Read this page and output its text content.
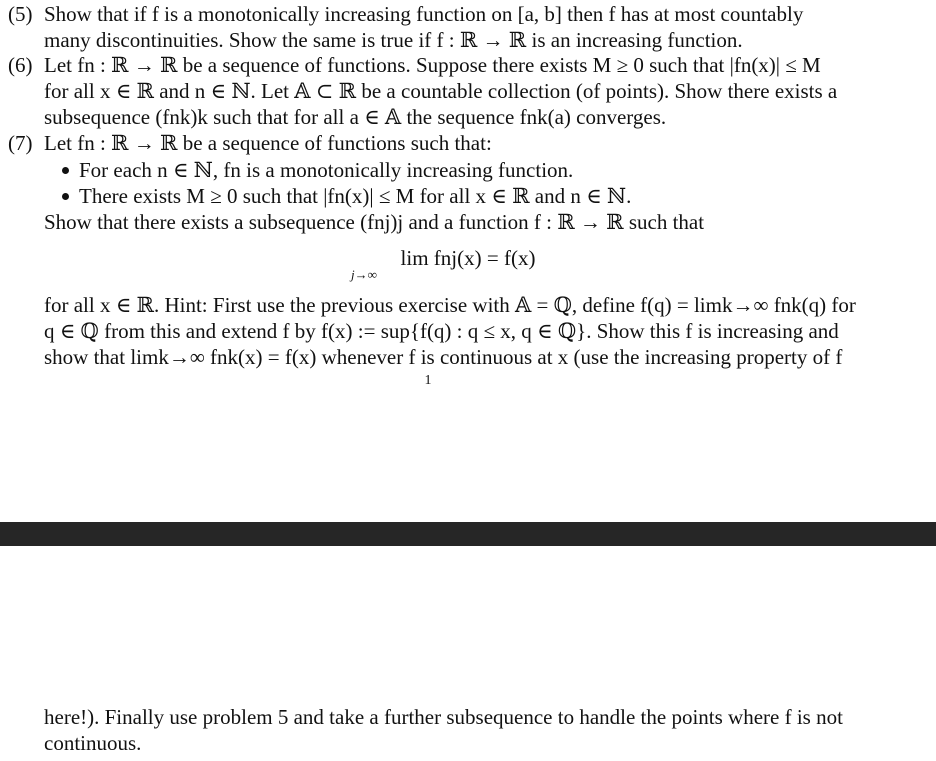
(5) Show that if f is a monotonically increasing function on [a, b] then f has at most countably
many discontinuities. Show the same is true if f : ℝ → ℝ is an increasing function.
(6) Let fn : ℝ → ℝ be a sequence of functions. Suppose there exists M ≥ 0 such that |fn(x)| ≤ M
for all x ∈ ℝ and n ∈ ℕ. Let 𝔸 ⊂ ℝ be a countable collection (of points). Show there exists a
subsequence (fnk)k such that for all a ∈ 𝔸 the sequence fnk(a) converges.
(7) Let fn : ℝ → ℝ be a sequence of functions such that:
For each n ∈ ℕ, fn is a monotonically increasing function.
There exists M ≥ 0 such that |fn(x)| ≤ M for all x ∈ ℝ and n ∈ ℕ.
Show that there exists a subsequence (fnj)j and a function f : ℝ → ℝ such that
lim fnj(x) = f(x)
j→∞
for all x ∈ ℝ. Hint: First use the previous exercise with 𝔸 = ℚ, define f(q) = limk→∞ fnk(q) for
q ∈ ℚ from this and extend f by f(x) := sup{f(q) : q ≤ x, q ∈ ℚ}. Show this f is increasing and
show that limk→∞ fnk(x) = f(x) whenever f is continuous at x (use the increasing property of f
1
here!). Finally use problem 5 and take a further subsequence to handle the points where f is not
continuous.
